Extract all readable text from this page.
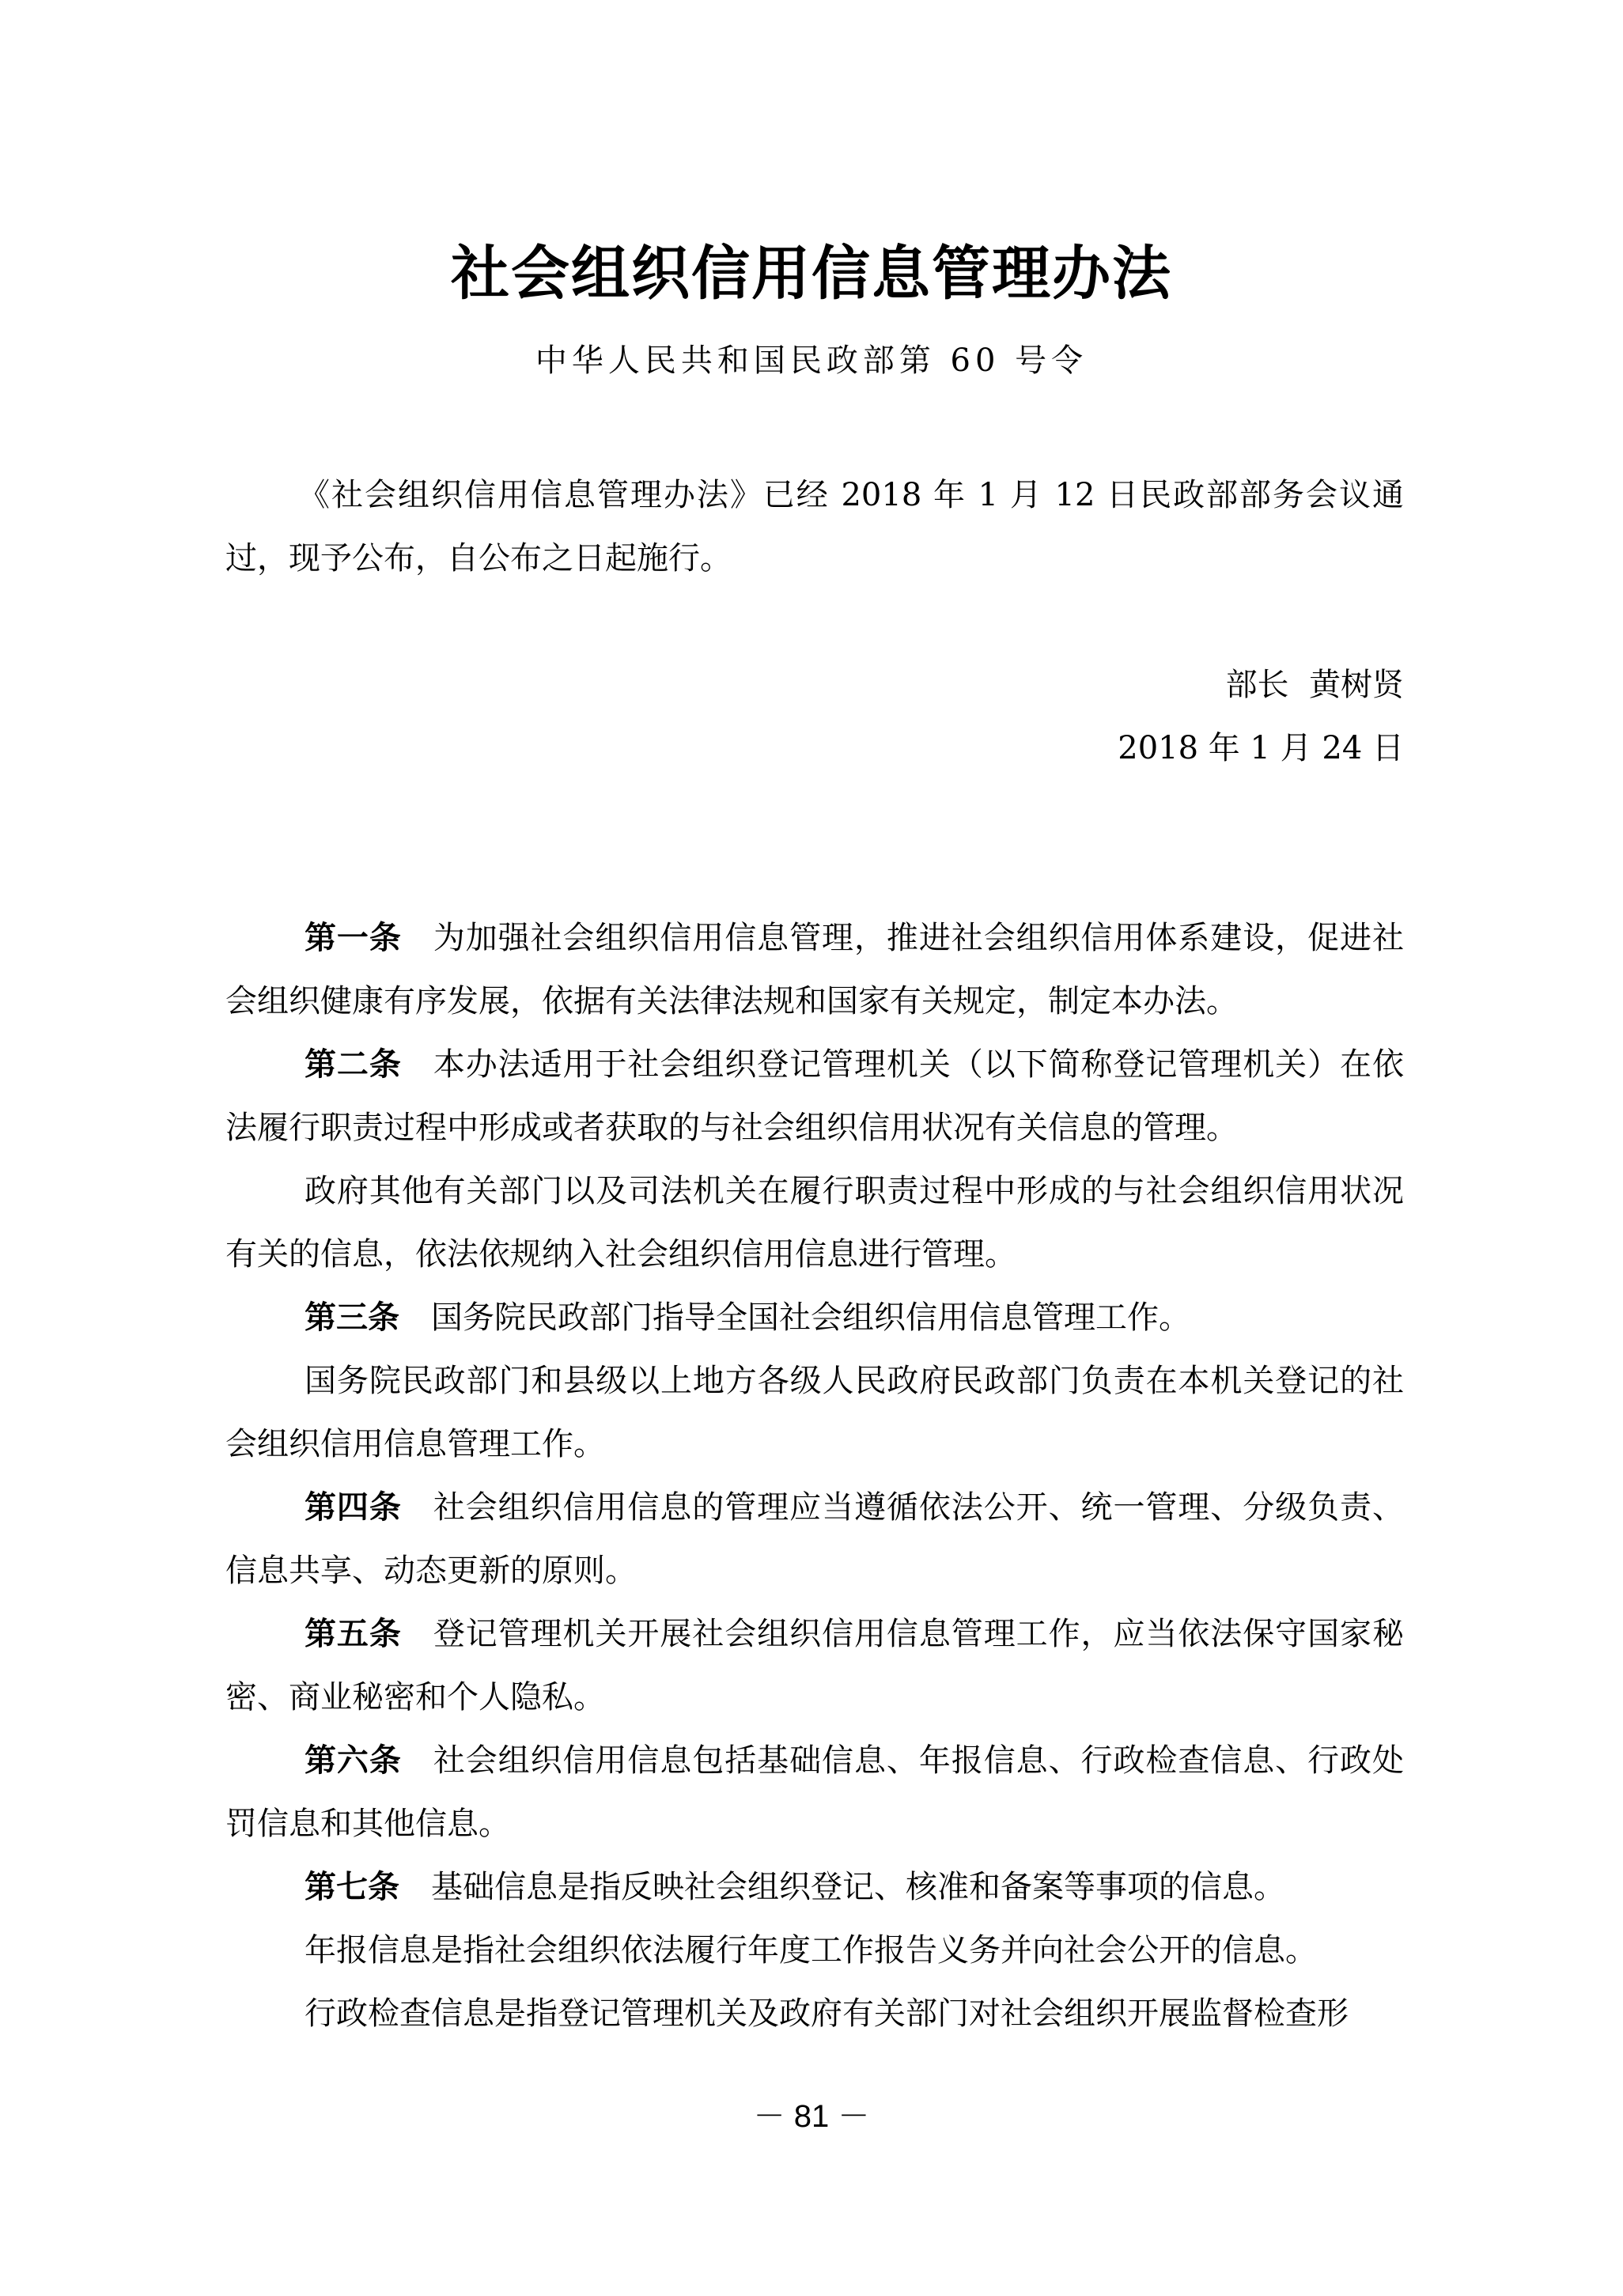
社会组织信用信息管理办法
中华人民共和国民政部第 60 号令
《社会组织信用信息管理办法》已经 2018 年 1 月 12 日民政部部务会议通过，现予公布，自公布之日起施行。
部长  黄树贤
2018 年 1 月 24 日

第一条 为加强社会组织信用信息管理，推进社会组织信用体系建设，促进社会组织健康有序发展，依据有关法律法规和国家有关规定，制定本办法。

第二条 本办法适用于社会组织登记管理机关（以下简称登记管理机关）在依法履行职责过程中形成或者获取的与社会组织信用状况有关信息的管理。

政府其他有关部门以及司法机关在履行职责过程中形成的与社会组织信用状况有关的信息，依法依规纳入社会组织信用信息进行管理。

第三条 国务院民政部门指导全国社会组织信用信息管理工作。

国务院民政部门和县级以上地方各级人民政府民政部门负责在本机关登记的社会组织信用信息管理工作。

第四条 社会组织信用信息的管理应当遵循依法公开、统一管理、分级负责、信息共享、动态更新的原则。

第五条 登记管理机关开展社会组织信用信息管理工作，应当依法保守国家秘密、商业秘密和个人隐私。

第六条 社会组织信用信息包括基础信息、年报信息、行政检查信息、行政处罚信息和其他信息。

第七条 基础信息是指反映社会组织登记、核准和备案等事项的信息。

年报信息是指社会组织依法履行年度工作报告义务并向社会公开的信息。

行政检查信息是指登记管理机关及政府有关部门对社会组织开展监督检查形

－ 81 －
